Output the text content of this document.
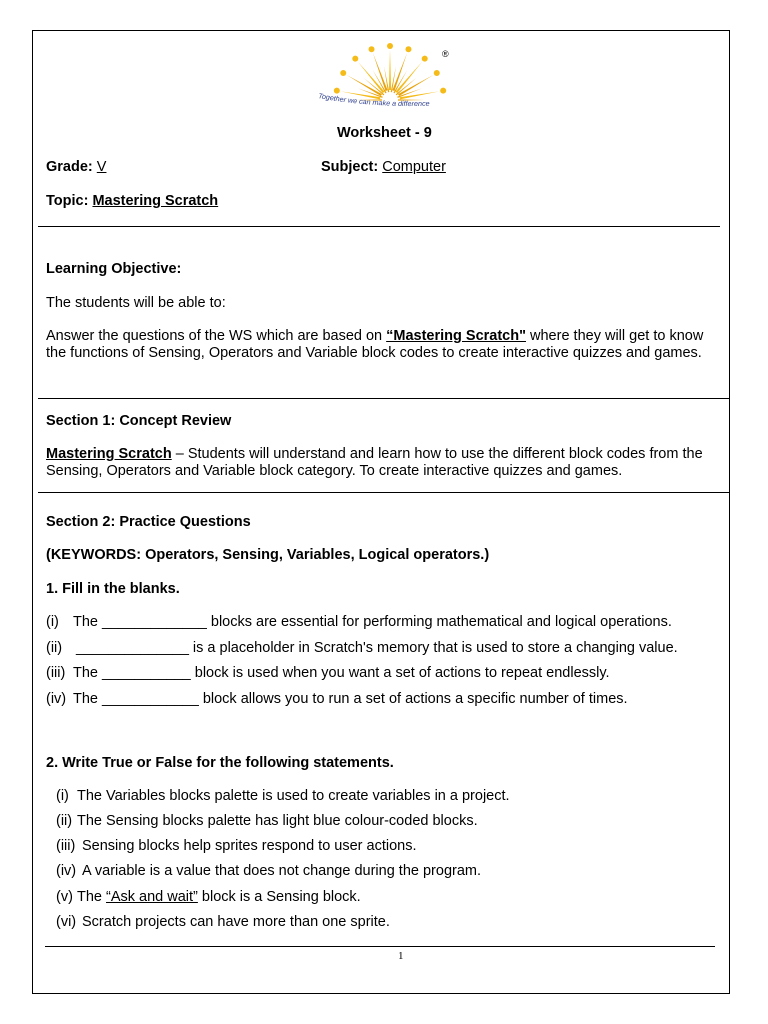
®
Together we can make a difference
Worksheet - 9
Grade: V	Subject: Computer
Topic: Mastering Scratch
Learning Objective:
The students will be able to:
Answer the questions of the WS which are based on “Mastering Scratch" where they will get to know the functions of Sensing, Operators and Variable block codes to create interactive quizzes and games.
Section 1: Concept Review
Mastering Scratch – Students will understand and learn how to use the different block codes from the Sensing, Operators and Variable block category. To create interactive quizzes and games.
Section 2: Practice Questions
(KEYWORDS: Operators, Sensing, Variables, Logical operators.)
1. Fill in the blanks.
(i) The _____________ blocks are essential for performing mathematical and logical operations.
(ii) ______________ is a placeholder in Scratch's memory that is used to store a changing value.
(iii) The ___________ block is used when you want a set of actions to repeat endlessly.
(iv) The ____________ block allows you to run a set of actions a specific number of times.
2. Write True or False for the following statements.
(i) The Variables blocks palette is used to create variables in a project.
(ii) The Sensing blocks palette has light blue colour-coded blocks.
(iii) Sensing blocks help sprites respond to user actions.
(iv) A variable is a value that does not change during the program.
(v) The “Ask and wait” block is a Sensing block.
(vi) Scratch projects can have more than one sprite.
1
